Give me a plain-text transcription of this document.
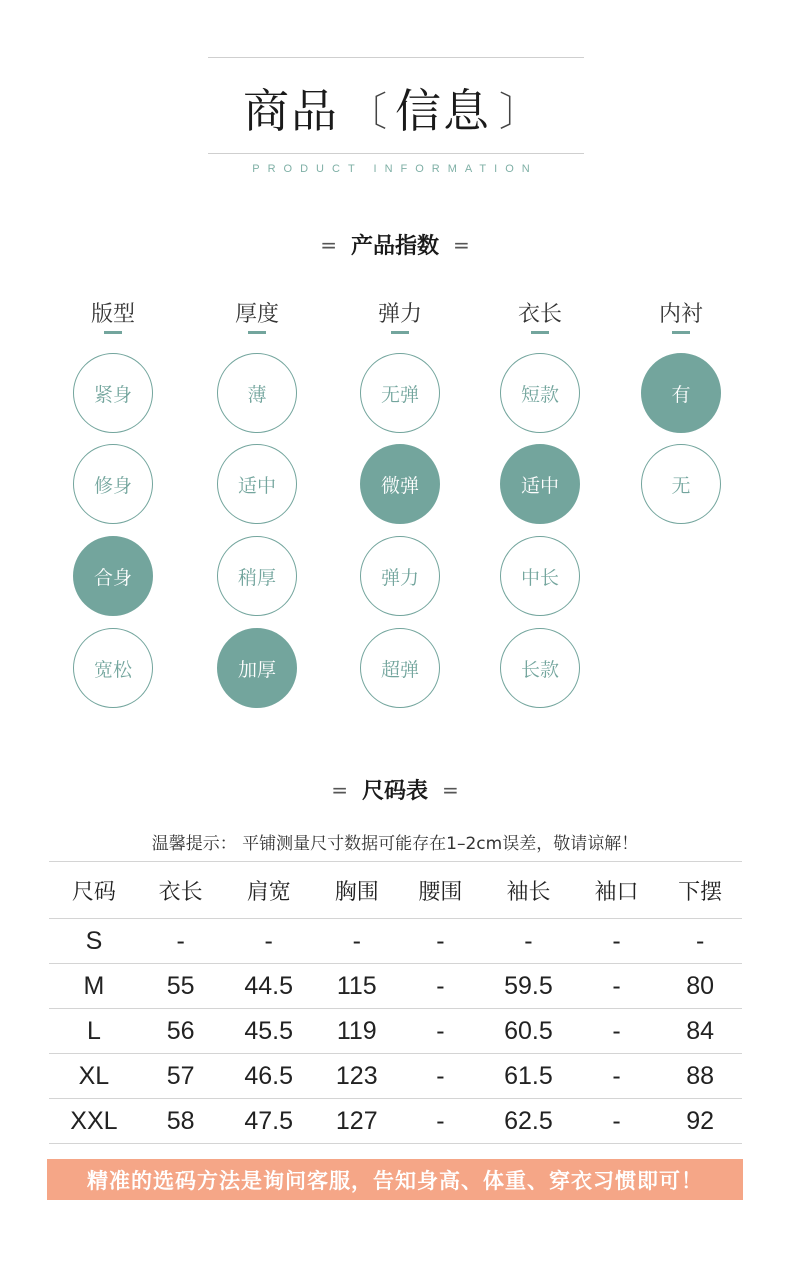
商品 〔 信息 〕
PRODUCT INFORMATION
= 产品指数 =
版型
紧身
修身
合身
宽松
厚度
薄
适中
稍厚
加厚
弹力
无弹
微弹
弹力
超弹
衣长
短款
适中
中长
长款
内衬
有
无
= 尺码表 =
温馨提示： 平铺测量尺寸数据可能存在1–2cm误差，敬请谅解！
尺码	衣长	肩宽	胸围	腰围	袖长	袖口	下摆
S	-	-	-	-	-	-	-
M	55	44.5	115	-	59.5	-	80
L	56	45.5	119	-	60.5	-	84
XL	57	46.5	123	-	61.5	-	88
XXL	58	47.5	127	-	62.5	-	92
精准的选码方法是询问客服，告知身高、体重、穿衣习惯即可！
